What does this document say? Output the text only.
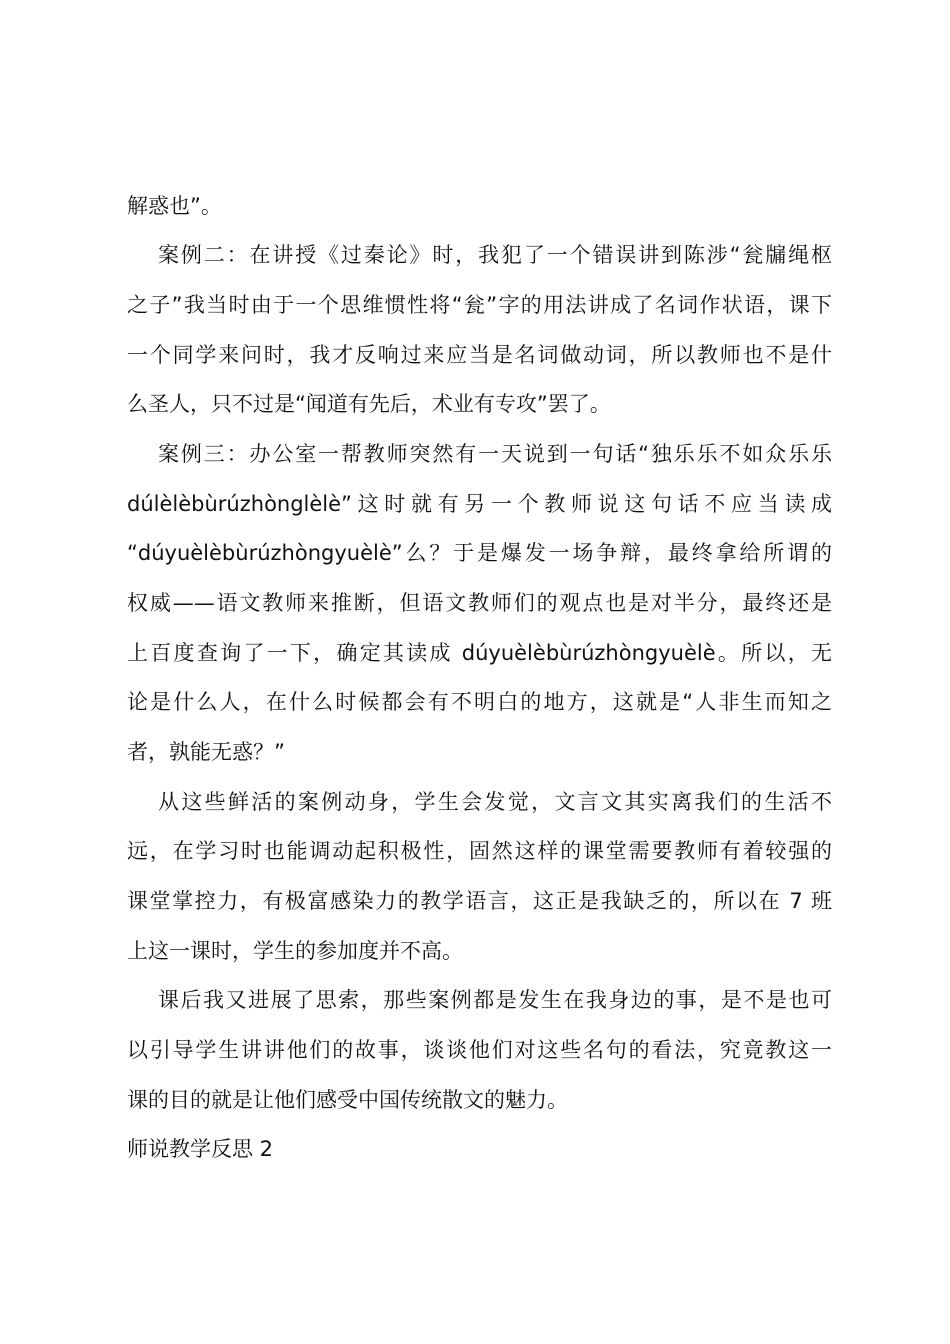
解惑也”。
案例二：在讲授《过秦论》时，我犯了一个错误讲到陈涉“瓮牖绳枢
之子”我当时由于一个思维惯性将“瓮”字的用法讲成了名词作状语，课下
一个同学来问时，我才反响过来应当是名词做动词，所以教师也不是什
么圣人，只不过是“闻道有先后，术业有专攻”罢了。
案例三：办公室一帮教师突然有一天说到一句话“独乐乐不如众乐乐
dúlèlèbùrúzhònglèlè”这时就有另一个教师说这句话不应当读成
“dúyuèlèbùrúzhòngyuèlè”么？于是爆发一场争辩，最终拿给所谓的
权威——语文教师来推断，但语文教师们的观点也是对半分，最终还是
上百度查询了一下，确定其读成 dúyuèlèbùrúzhòngyuèlè。所以，无
论是什么人，在什么时候都会有不明白的地方，这就是“人非生而知之
者，孰能无惑？”
从这些鲜活的案例动身，学生会发觉，文言文其实离我们的生活不
远，在学习时也能调动起积极性，固然这样的课堂需要教师有着较强的
课堂掌控力，有极富感染力的教学语言，这正是我缺乏的，所以在 7 班
上这一课时，学生的参加度并不高。
课后我又进展了思索，那些案例都是发生在我身边的事，是不是也可
以引导学生讲讲他们的故事，谈谈他们对这些名句的看法，究竟教这一
课的目的就是让他们感受中国传统散文的魅力。
师说教学反思 2
